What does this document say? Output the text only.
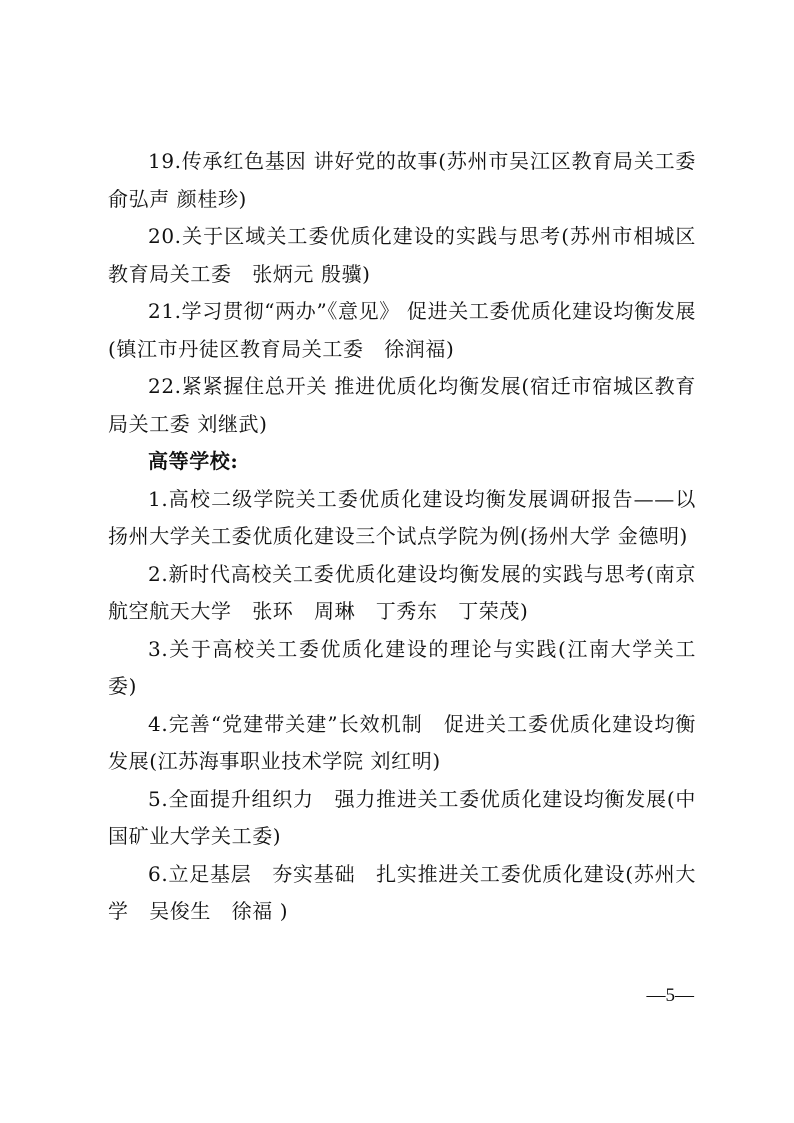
19.传承红色基因 讲好党的故事(苏州市吴江区教育局关工委 俞弘声 颜桂珍)

20.关于区域关工委优质化建设的实践与思考(苏州市相城区教育局关工委　张炳元 殷骥)

21.学习贯彻“两办”《意见》 促进关工委优质化建设均衡发展(镇江市丹徒区教育局关工委　徐润福)

22.紧紧握住总开关 推进优质化均衡发展(宿迁市宿城区教育局关工委 刘继武)

高等学校:

1.高校二级学院关工委优质化建设均衡发展调研报告——以扬州大学关工委优质化建设三个试点学院为例(扬州大学 金德明)

2.新时代高校关工委优质化建设均衡发展的实践与思考(南京航空航天大学　张环　周琳　丁秀东　丁荣茂)

3.关于高校关工委优质化建设的理论与实践(江南大学关工委)

4.完善“党建带关建”长效机制　促进关工委优质化建设均衡发展(江苏海事职业技术学院 刘红明)

5.全面提升组织力　强力推进关工委优质化建设均衡发展(中国矿业大学关工委)

6.立足基层　夯实基础　扎实推进关工委优质化建设(苏州大学　吴俊生　徐福 )

—5—
